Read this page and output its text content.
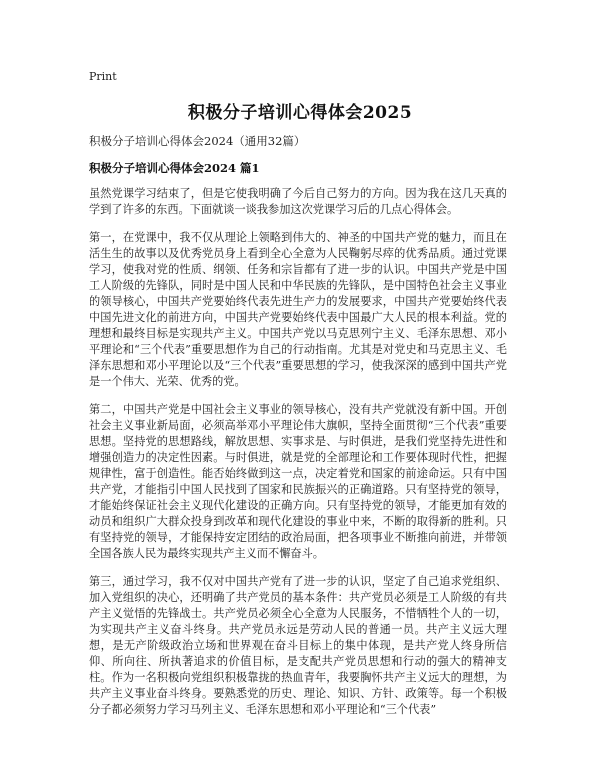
Print
积极分子培训心得体会2025
积极分子培训心得体会2024（通用32篇）
积极分子培训心得体会2024 篇1

虽然党课学习结束了，但是它使我明确了今后自己努力的方向。因为我在这几天真的学到了许多的东西。下面就谈一谈我参加这次党课学习后的几点心得体会。

第一，在党课中，我不仅从理论上领略到伟大的、神圣的中国共产党的魅力，而且在活生生的故事以及优秀党员身上看到全心全意为人民鞠躬尽瘁的优秀品质。通过党课学习，使我对党的性质、纲领、任务和宗旨都有了进一步的认识。中国共产党是中国工人阶级的先锋队，同时是中国人民和中华民族的先锋队，是中国特色社会主义事业的领导核心，中国共产党要始终代表先进生产力的发展要求，中国共产党要始终代表中国先进文化的前进方向，中国共产党要始终代表中国最广大人民的根本利益。党的理想和最终目标是实现共产主义。中国共产党以马克思列宁主义、毛泽东思想、邓小平理论和“三个代表”重要思想作为自己的行动指南。尤其是对党史和马克思主义、毛泽东思想和邓小平理论以及“三个代表”重要思想的学习，使我深深的感到中国共产党是一个伟大、光荣、优秀的党。

第二，中国共产党是中国社会主义事业的领导核心，没有共产党就没有新中国。开创社会主义事业新局面，必须高举邓小平理论伟大旗帜，坚持全面贯彻“三个代表”重要思想。坚持党的思想路线，解放思想、实事求是、与时俱进，是我们党坚持先进性和增强创造力的决定性因素。与时俱进，就是党的全部理论和工作要体现时代性，把握规律性，富于创造性。能否始终做到这一点，决定着党和国家的前途命运。只有中国共产党，才能指引中国人民找到了国家和民族振兴的正确道路。只有坚持党的领导，才能始终保证社会主义现代化建设的正确方向。只有坚持党的领导，才能更加有效的动员和组织广大群众投身到改革和现代化建设的事业中来，不断的取得新的胜利。只有坚持党的领导，才能保持安定团结的政治局面，把各项事业不断推向前进，并带领全国各族人民为最终实现共产主义而不懈奋斗。

第三，通过学习，我不仅对中国共产党有了进一步的认识，坚定了自己追求党组织、加入党组织的决心，还明确了共产党员的基本条件：共产党员必须是工人阶级的有共产主义觉悟的先锋战士。共产党员必须全心全意为人民服务，不惜牺牲个人的一切，为实现共产主义奋斗终身。共产党员永远是劳动人民的普通一员。共产主义远大理想，是无产阶级政治立场和世界观在奋斗目标上的集中体现，是共产党人终身所信仰、所向往、所执著追求的价值目标，是支配共产党员思想和行动的强大的精神支柱。作为一名积极向党组织积极靠拢的热血青年，我要胸怀共产主义远大的理想，为共产主义事业奋斗终身。要熟悉党的历史、理论、知识、方针、政策等。每一个积极分子都必须努力学习马列主义、毛泽东思想和邓小平理论和“三个代表”
